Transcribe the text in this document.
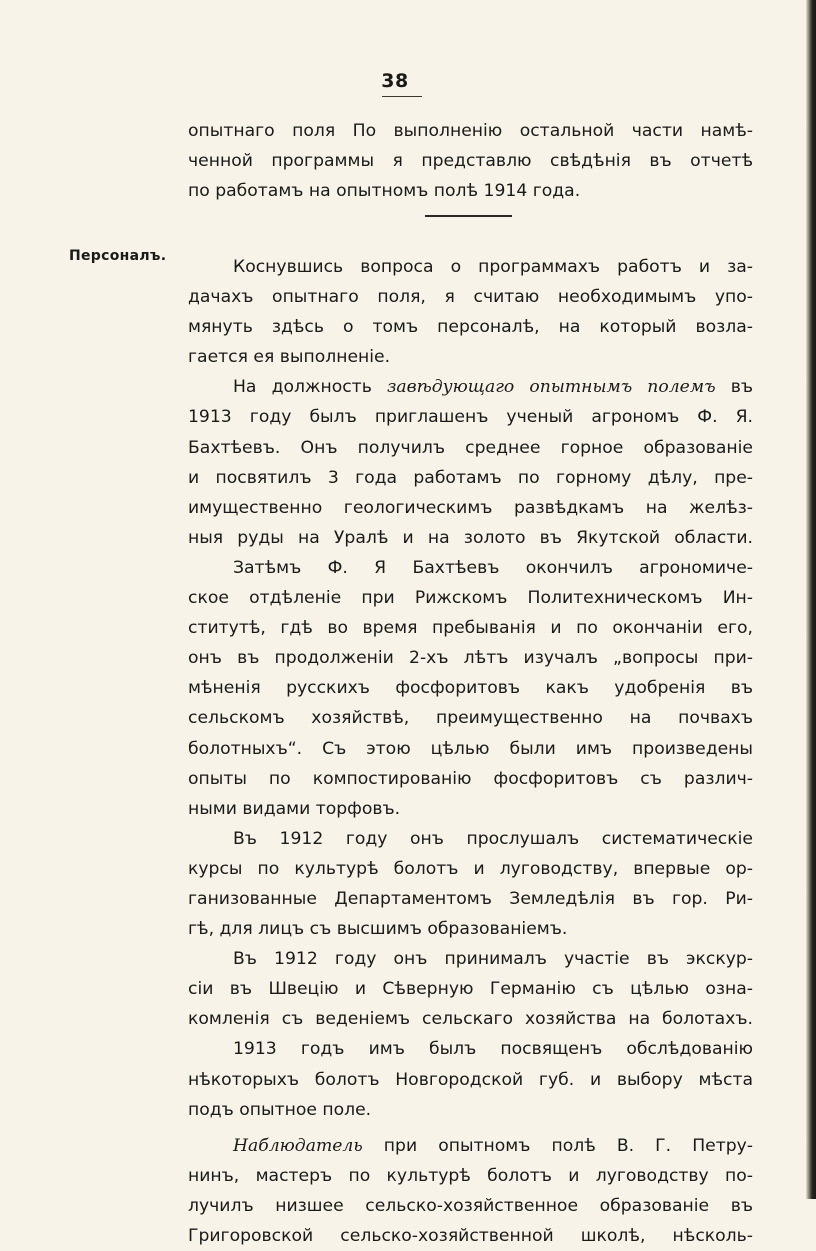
38
опытнаго поля По выполненiю остальной части намѣ-
ченной программы я представлю свѣдѣнiя въ отчетѣ
по работамъ на опытномъ полѣ 1914 года.
Персоналъ.
Коснувшись вопроса о программахъ работъ и за-
дачахъ опытнаго поля, я считаю необходимымъ упо-
мянуть здѣсь о томъ персоналѣ, на который возла-
гается ея выполненiе.
На должность завѣдующаго опытнымъ полемъ въ
1913 году былъ приглашенъ ученый агрономъ Ф. Я.
Бахтѣевъ. Онъ получилъ среднее горное образованiе
и посвятилъ 3 года работамъ по горному дѣлу, пре-
имущественно геологическимъ развѣдкамъ на желѣз-
ныя руды на Уралѣ и на золото въ Якутской области.
Затѣмъ Ф. Я Бахтѣевъ окончилъ агрономиче-
ское отдѣленiе при Рижскомъ Политехническомъ Ин-
ститутѣ, гдѣ во время пребыванiя и по окончанiи его,
онъ въ продолженiи 2-хъ лѣтъ изучалъ „вопросы при-
мѣненiя русскихъ фосфоритовъ какъ удобренiя въ
сельскомъ хозяйствѣ, преимущественно на почвахъ
болотныхъ“. Съ этою цѣлью были имъ произведены
опыты по компостированiю фосфоритовъ съ различ-
ными видами торфовъ.
Въ 1912 году онъ прослушалъ систематическiе
курсы по культурѣ болотъ и луговодству, впервые ор-
ганизованные Департаментомъ Земледѣлiя въ гор. Ри-
гѣ, для лицъ съ высшимъ образованiемъ.
Въ 1912 году онъ принималъ участiе въ экскур-
сiи въ Швецiю и Сѣверную Германiю съ цѣлью озна-
комленiя съ веденiемъ сельскаго хозяйства на болотахъ.
1913 годъ имъ былъ посвященъ обслѣдованiю
нѣкоторыхъ болотъ Новгородской губ. и выбору мѣста
подъ опытное поле.
Наблюдатель при опытномъ полѣ В. Г. Петру-
нинъ, мастеръ по культурѣ болотъ и луговодству по-
лучилъ низшее сельско-хозяйственное образованiе въ
Григоровской сельско-хозяйственной школѣ, нѣсколь-
